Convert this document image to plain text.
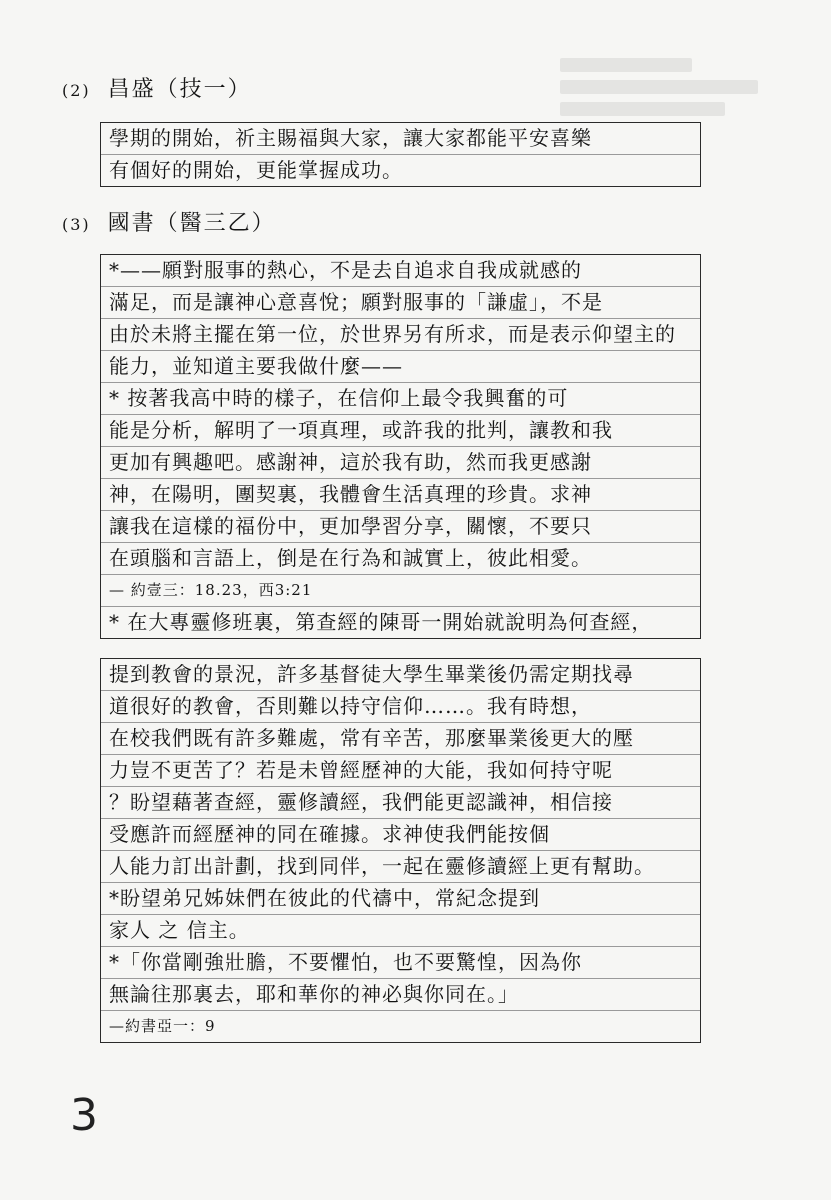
(2) 昌盛（技一）
學期的開始，祈主賜福與大家，讓大家都能平安喜樂
有個好的開始，更能掌握成功。
(3) 國書（醫三乙）
*——願對服事的熱心，不是去自追求自我成就感的
滿足，而是讓神心意喜悅；願對服事的「謙虛」，不是
由於未將主擺在第一位，於世界另有所求，而是表示仰望主的
能力，並知道主要我做什麼——
* 按著我高中時的樣子，在信仰上最令我興奮的可
能是分析，解明了一項真理，或許我的批判，讓教和我
更加有興趣吧。感謝神，這於我有助，然而我更感謝
神，在陽明，團契裏，我體會生活真理的珍貴。求神
讓我在這樣的福份中，更加學習分享，關懷，不要只
在頭腦和言語上，倒是在行為和誠實上，彼此相愛。
— 約壹三：18.23，西3:21
* 在大專靈修班裏，第查經的陳哥一開始就說明為何查經，
提到教會的景況，許多基督徒大學生畢業後仍需定期找尋
道很好的教會，否則難以持守信仰……。我有時想，
在校我們既有許多難處，常有辛苦，那麼畢業後更大的壓
力豈不更苦了？若是未曾經歷神的大能，我如何持守呢
？盼望藉著查經，靈修讀經，我們能更認識神，相信接
受應許而經歷神的同在確據。求神使我們能按個
人能力訂出計劃，找到同伴，一起在靈修讀經上更有幫助。
*盼望弟兄姊妹們在彼此的代禱中，常紀念提到
家人 之 信主。
*「你當剛強壯膽，不要懼怕，也不要驚惶，因為你
無論往那裏去，耶和華你的神必與你同在。」
—約書亞一：9
3
